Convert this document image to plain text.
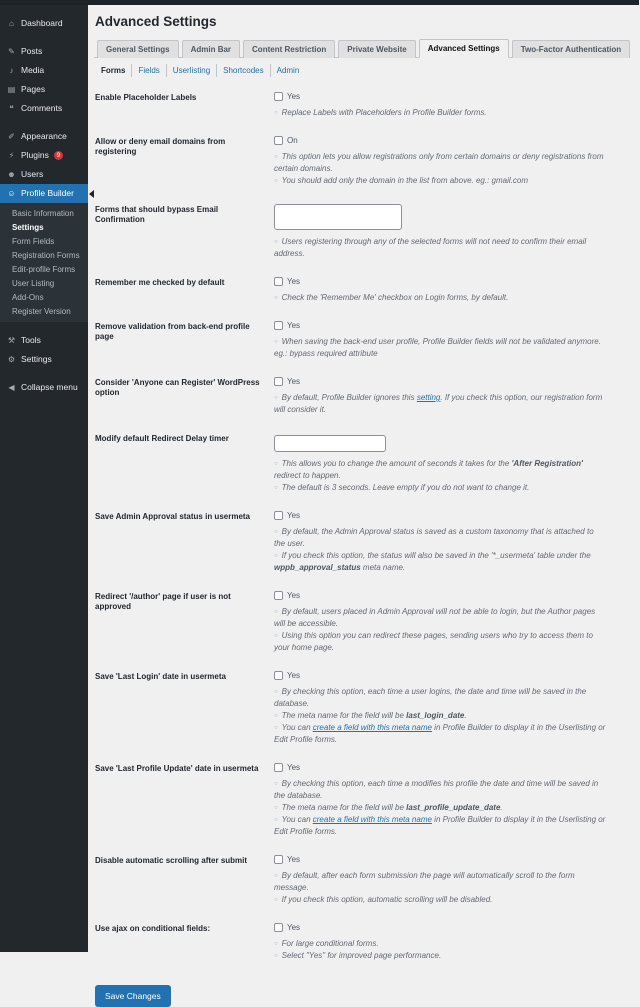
⌂ Dashboard
✎ Posts
♪ Media
▤ Pages
❝ Comments
✐ Appearance
⚡ Plugins	9
☻ Users
☺ Profile Builder
Basic Information
Settings
Form Fields
Registration Forms
Edit-profile Forms
User Listing
Add-Ons
Register Version
⚒ Tools
⚙ Settings
◀ Collapse menu
Advanced Settings
General Settings	Admin Bar	Content Restriction	Private Website	Advanced Settings	Two-Factor Authentication
Forms	Fields	Userlisting	Shortcodes	Admin
Enable Placeholder Labels	Yes
○ Replace Labels with Placeholders in Profile Builder forms.
Allow or deny email domains from registering
On
○ This option lets you allow registrations only from certain domains or deny registrations from certain domains.
○ You should add only the domain in the list from above. eg.: gmail.com
Forms that should bypass Email Confirmation
○ Users registering through any of the selected forms will not need to confirm their email address.
Remember me checked by default	Yes
○ Check the 'Remember Me' checkbox on Login forms, by default.
Remove validation from back-end profile page
Yes
○ When saving the back-end user profile, Profile Builder fields will not be validated anymore. eg.: bypass required attribute
Consider 'Anyone can Register' WordPress option
Yes
○ By default, Profile Builder ignores this setting. If you check this option, our registration form will consider it.
Modify default Redirect Delay timer
○ This allows you to change the amount of seconds it takes for the 'After Registration' redirect to happen.
○ The default is 3 seconds. Leave empty if you do not want to change it.
Save Admin Approval status in usermeta	Yes
○ By default, the Admin Approval status is saved as a custom taxonomy that is attached to the user.
○ If you check this option, the status will also be saved in the '*_usermeta' table under the wppb_approval_status meta name.
Redirect '/author' page if user is not approved
Yes
○ By default, users placed in Admin Approval will not be able to login, but the Author pages will be accessible.
○ Using this option you can redirect these pages, sending users who try to access them to your home page.
Save 'Last Login' date in usermeta	Yes
○ By checking this option, each time a user logins, the date and time will be saved in the database.
○ The meta name for the field will be last_login_date.
○ You can create a field with this meta name in Profile Builder to display it in the Userlisting or Edit Profile forms.
Save 'Last Profile Update' date in usermeta	Yes
○ By checking this option, each time a modifies his profile the date and time will be saved in the database.
○ The meta name for the field will be last_profile_update_date.
○ You can create a field with this meta name in Profile Builder to display it in the Userlisting or Edit Profile forms.
Disable automatic scrolling after submit	Yes
○ By default, after each form submission the page will automatically scroll to the form message.
○ If you check this option, automatic scrolling will be disabled.
Use ajax on conditional fields:	Yes
○ For large conditional forms.
○ Select "Yes" for improved page performance.
Save Changes
